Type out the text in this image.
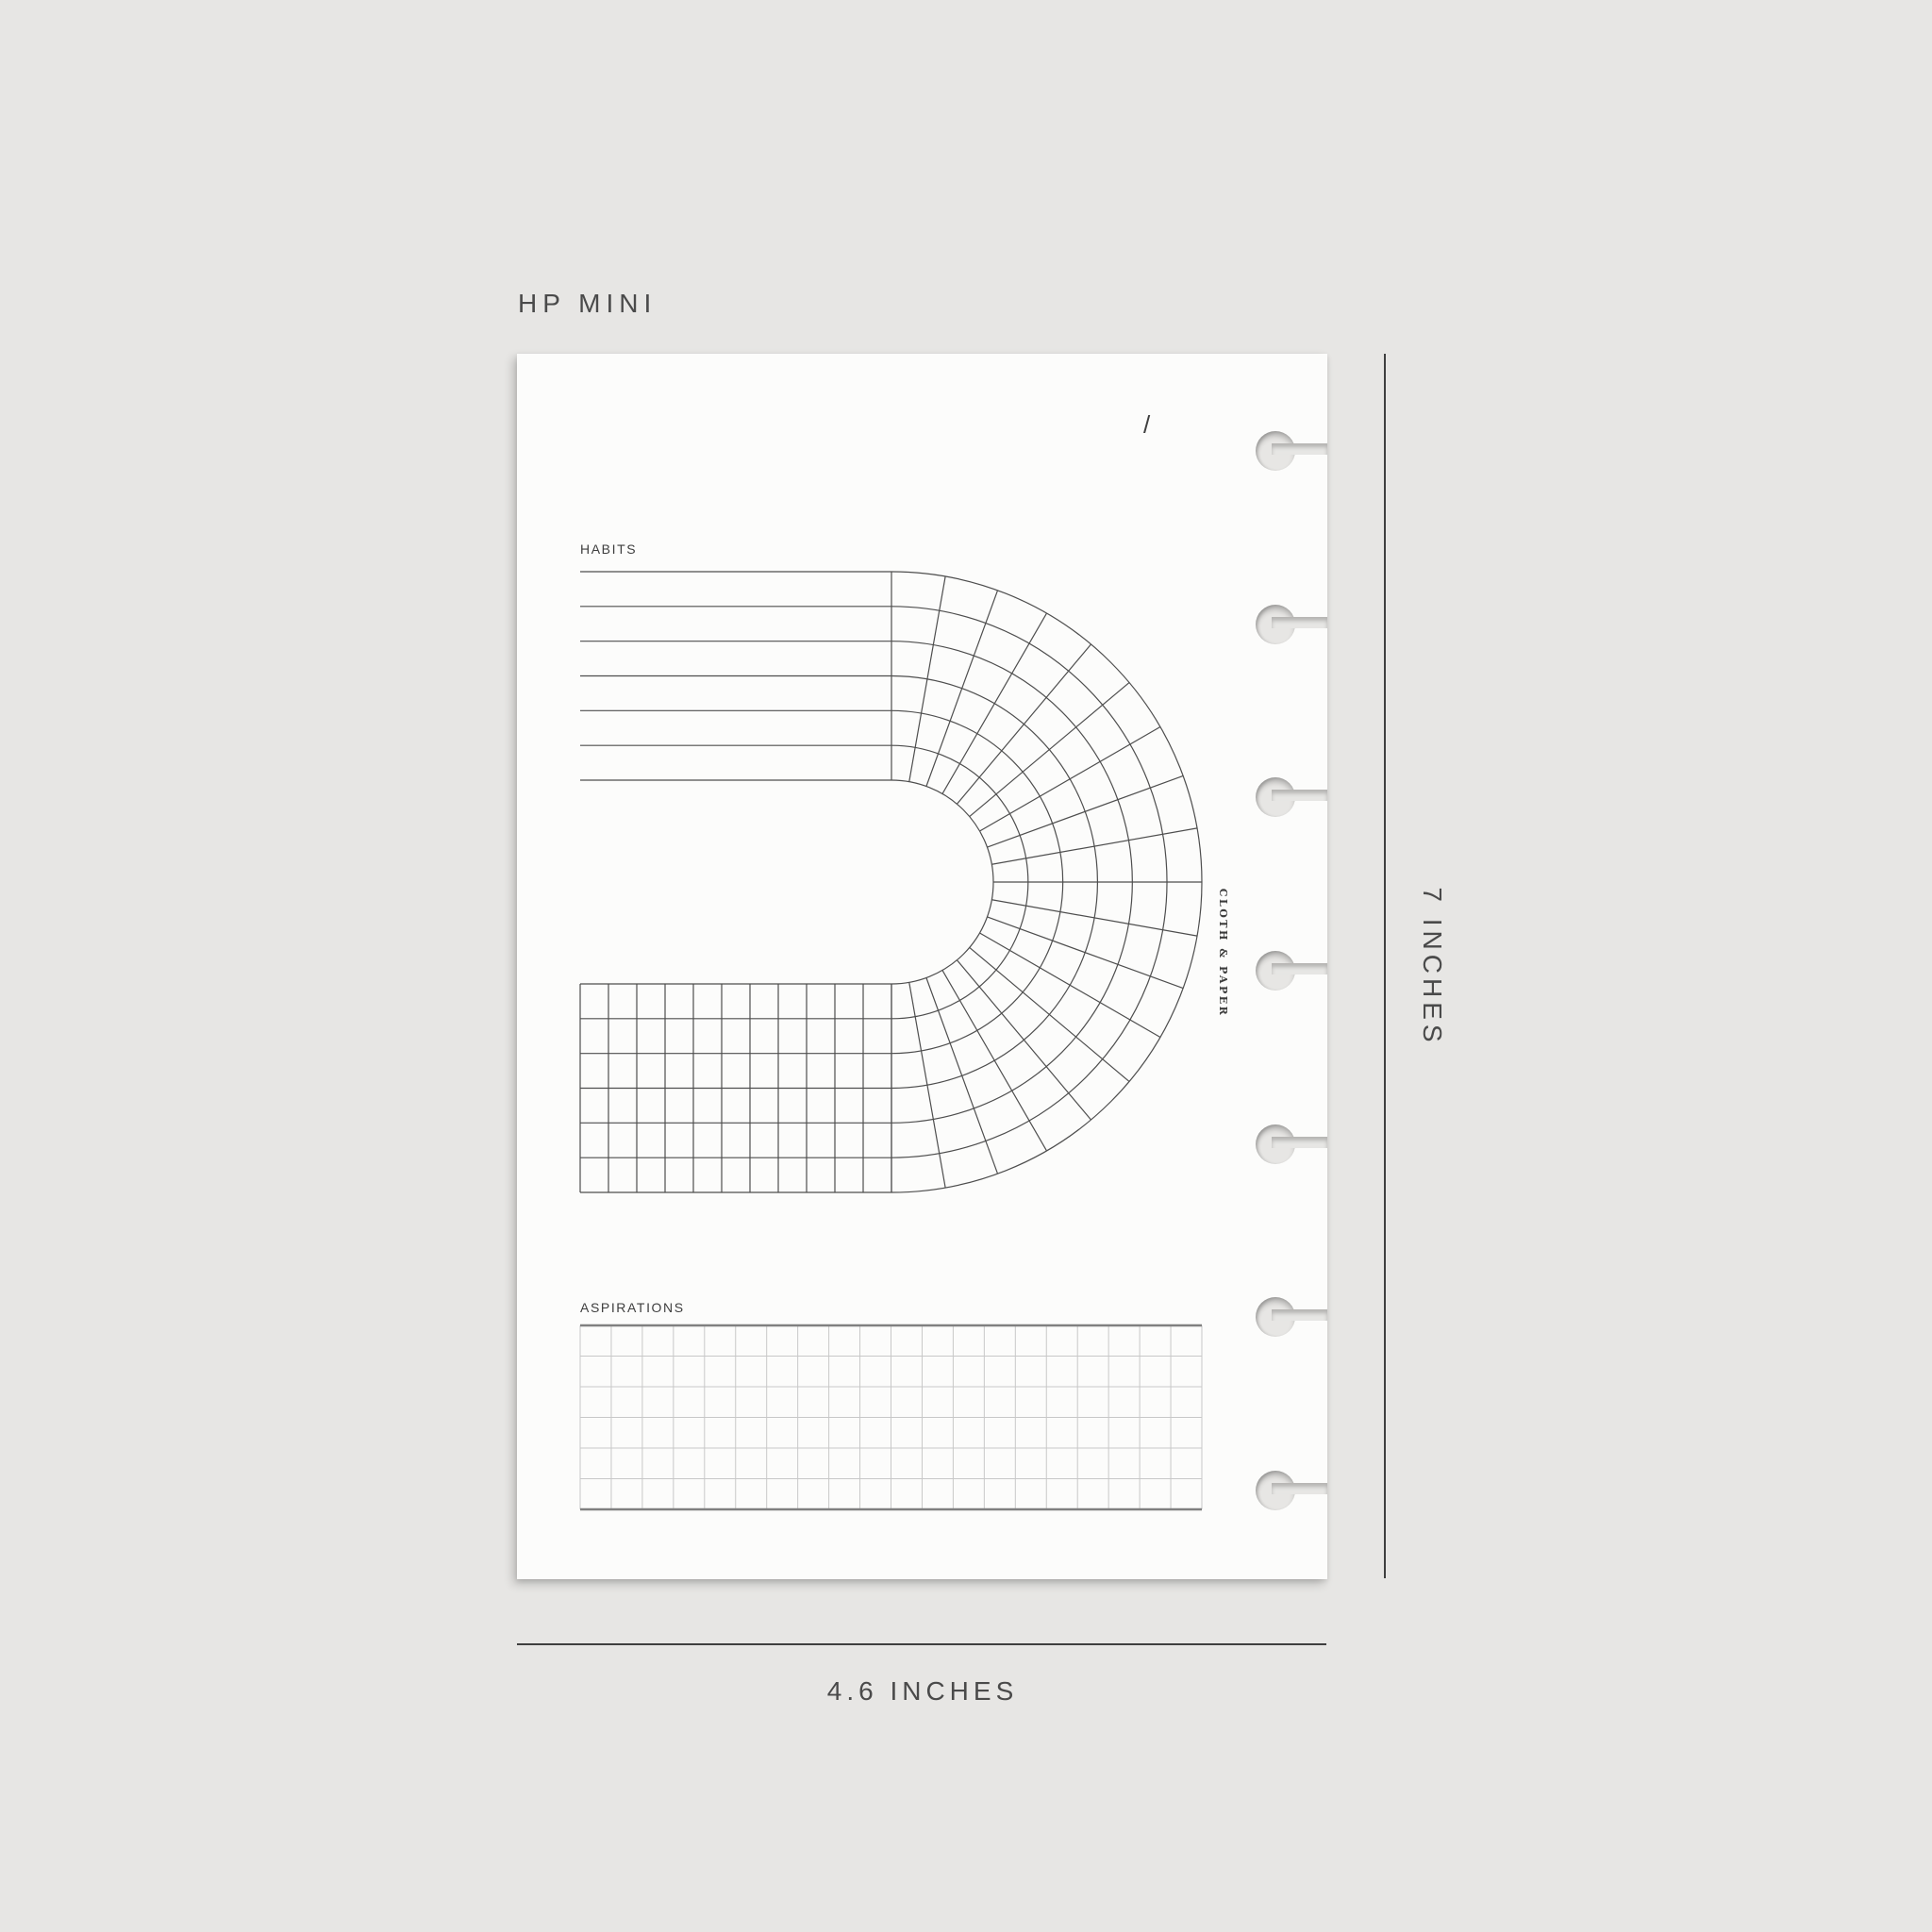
HP MINI
/
HABITS
CLOTH & PAPER
ASPIRATIONS
7 INCHES
4.6 INCHES
